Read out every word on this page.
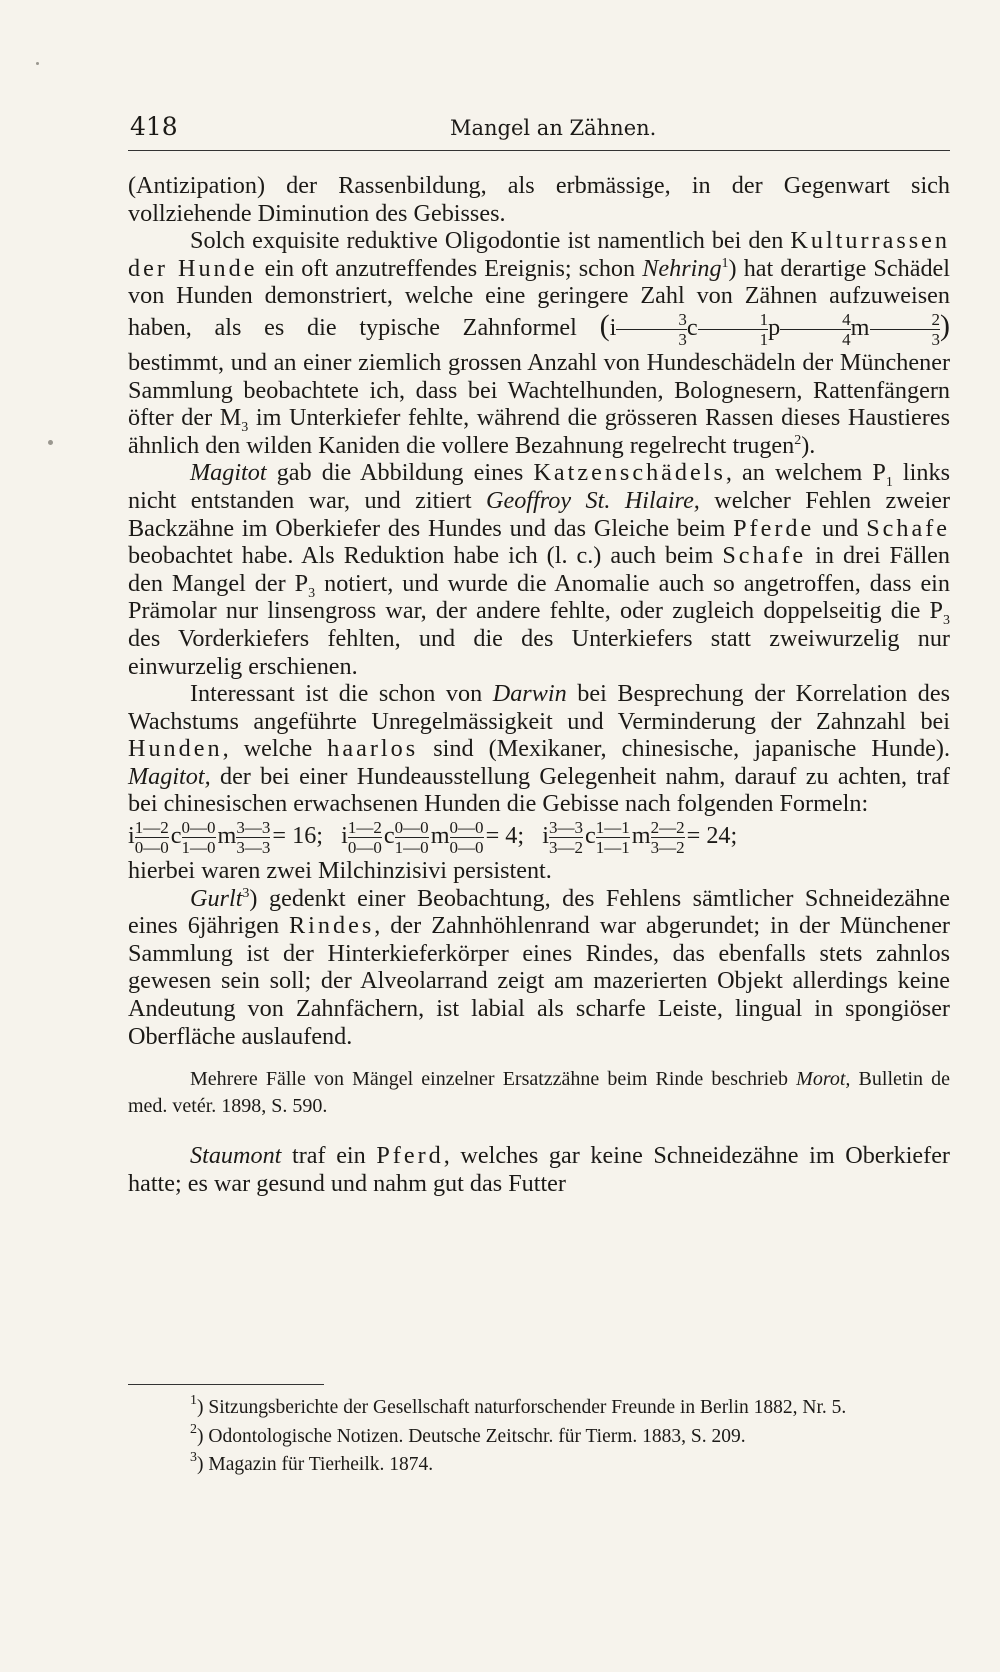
418	Mangel an Zähnen.

(Antizipation) der Rassenbildung, als erbmässige, in der Gegenwart sich vollziehende Diminution des Gebisses.

Solch exquisite reduktive Oligodontie ist namentlich bei den Kulturrassen der Hunde ein oft anzutreffendes Ereignis; schon Nehring$^1$) hat derartige Schädel von Hunden demonstriert, welche eine geringere Zahl von Zähnen aufzuweisen haben, als es die typische Zahnformel ($i \frac{3}{3}$ c $\frac{1}{1}$ p $\frac{4}{4}$ m $\frac{2}{3}$ ) bestimmt, und an einer ziemlich grossen Anzahl von Hundeschädeln der Münchener Sammlung beobachtete ich, dass bei Wachtelhunden, Bolognesern, Rattenfängern öfter der $M_3$ im Unterkiefer fehlte, während die grösseren Rassen dieses Haustieres ähnlich den wilden Kaniden die vollere Bezahnung regelrecht trugen$^2$).

Magitot gab die Abbildung eines Katzenschädels, an welchem $P_1$ links nicht entstanden war, und zitiert Geoffroy St. Hilaire, welcher Fehlen zweier Backzähne im Oberkiefer des Hundes und das Gleiche beim Pferde und Schafe beobachtet habe. Als Reduktion habe ich (l. c.) auch beim Schafe in drei Fällen den Mangel der $P_3$ notiert, und wurde die Anomalie auch so angetroffen, dass ein Prämolar nur linsengross war, der andere fehlte, oder zugleich doppelseitig die $P_3$ des Vorderkiefers fehlten, und die des Unterkiefers statt zweiwurzelig nur einwurzelig erschienen.

Interessant ist die schon von Darwin bei Besprechung der Korrelation des Wachstums angeführte Unregelmässigkeit und Verminderung der Zahnzahl bei Hunden, welche haarlos sind (Mexikaner, chinesische, japanische Hunde). Magitot, der bei einer Hundeausstellung Gelegenheit nahm, darauf zu achten, traf bei chinesischen erwachsenen Hunden die Gebisse nach folgenden Formeln:

i $\frac{1—2}{0—0}$
  c $\frac{0—0}{1—0}$
  m $\frac{3—3}{3—3}$
  = 16; i $\frac{1—2}{0—0}$
  c $\frac{0—0}{1—0}$
  m $\frac{0—0}{0—0}$
  = 4; i $\frac{3—3}{3—2}$
  c $\frac{1—1}{1—1}$
  m $\frac{2—2}{3—2}$
  = 24;

hierbei waren zwei Milchinzisivi persistent.

Gurlt$^3$) gedenkt einer Beobachtung, des Fehlens sämtlicher Schneidezähne eines 6jährigen Rindes, der Zahnhöhlenrand war abgerundet; in der Münchener Sammlung ist der Hinterkieferkörper eines Rindes, das ebenfalls stets zahnlos gewesen sein soll; der Alveolarrand zeigt am mazerierten Objekt allerdings keine Andeutung von Zahnfächern, ist labial als scharfe Leiste, lingual in spongiöser Oberfläche auslaufend.

Mehrere Fälle von Mängel einzelner Ersatzzähne beim Rinde beschrieb Morot, Bulletin de med. vetér. 1898, S. 590.

Staumont traf ein Pferd, welches gar keine Schneidezähne im Oberkiefer hatte; es war gesund und nahm gut das Futter

$^1$) Sitzungsberichte der Gesellschaft naturforschender Freunde in Berlin 1882, Nr. 5.

$^2$) Odontologische Notizen. Deutsche Zeitschr. für Tierm. 1883, S. 209.

$^3$) Magazin für Tierheilk. 1874.
